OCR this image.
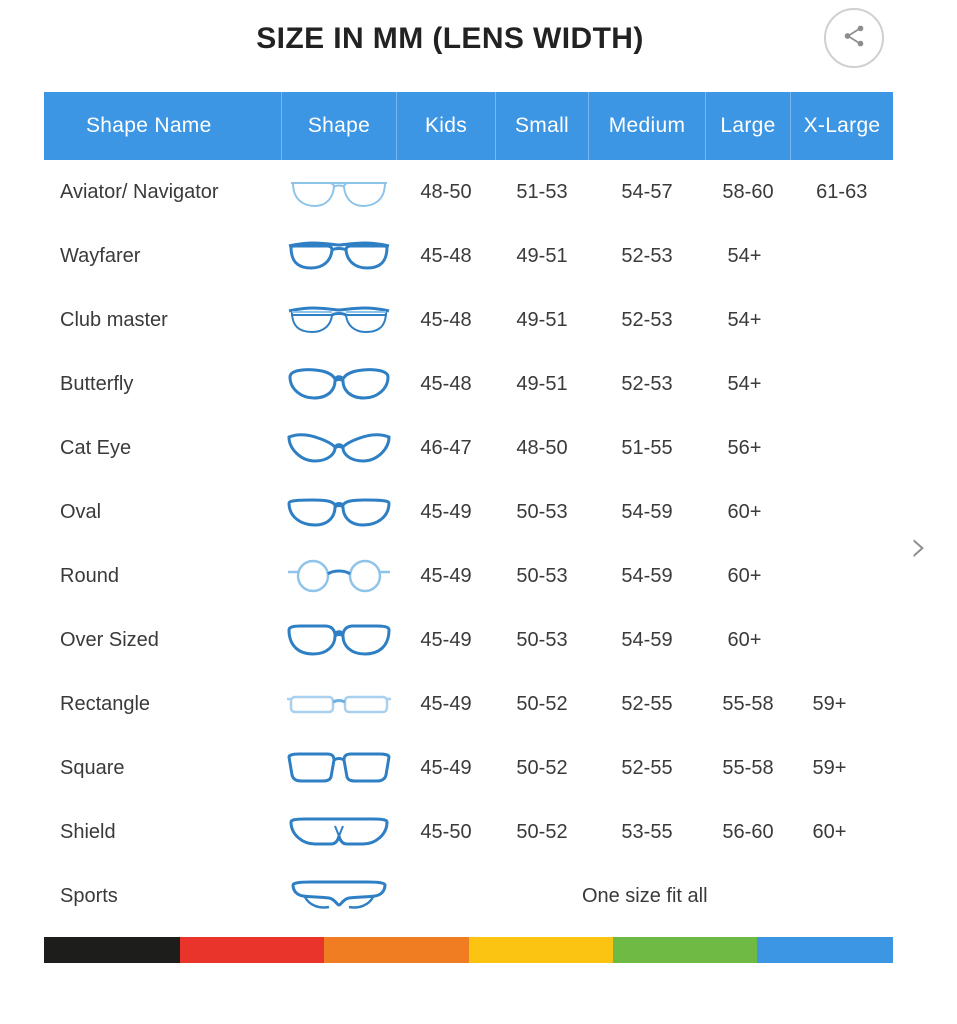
›
SIZE IN MM (LENS WIDTH)
Shape Name	Shape	Kids	Small	Medium	Large	X-Large
Aviator/ Navigator		48-50	51-53	54-57	58-60	61-63
Wayfarer		45-48	49-51	52-53	54+	
Club master		45-48	49-51	52-53	54+	
Butterfly		45-48	49-51	52-53	54+	
Cat Eye		46-47	48-50	51-55	56+	
Oval		45-49	50-53	54-59	60+	
Round		45-49	50-53	54-59	60+	
Over Sized		45-49	50-53	54-59	60+	
Rectangle		45-49	50-52	52-55	55-58	59+
Square		45-49	50-52	52-55	55-58	59+
Shield		45-50	50-52	53-55	56-60	60+
Sports		One size fit all				
